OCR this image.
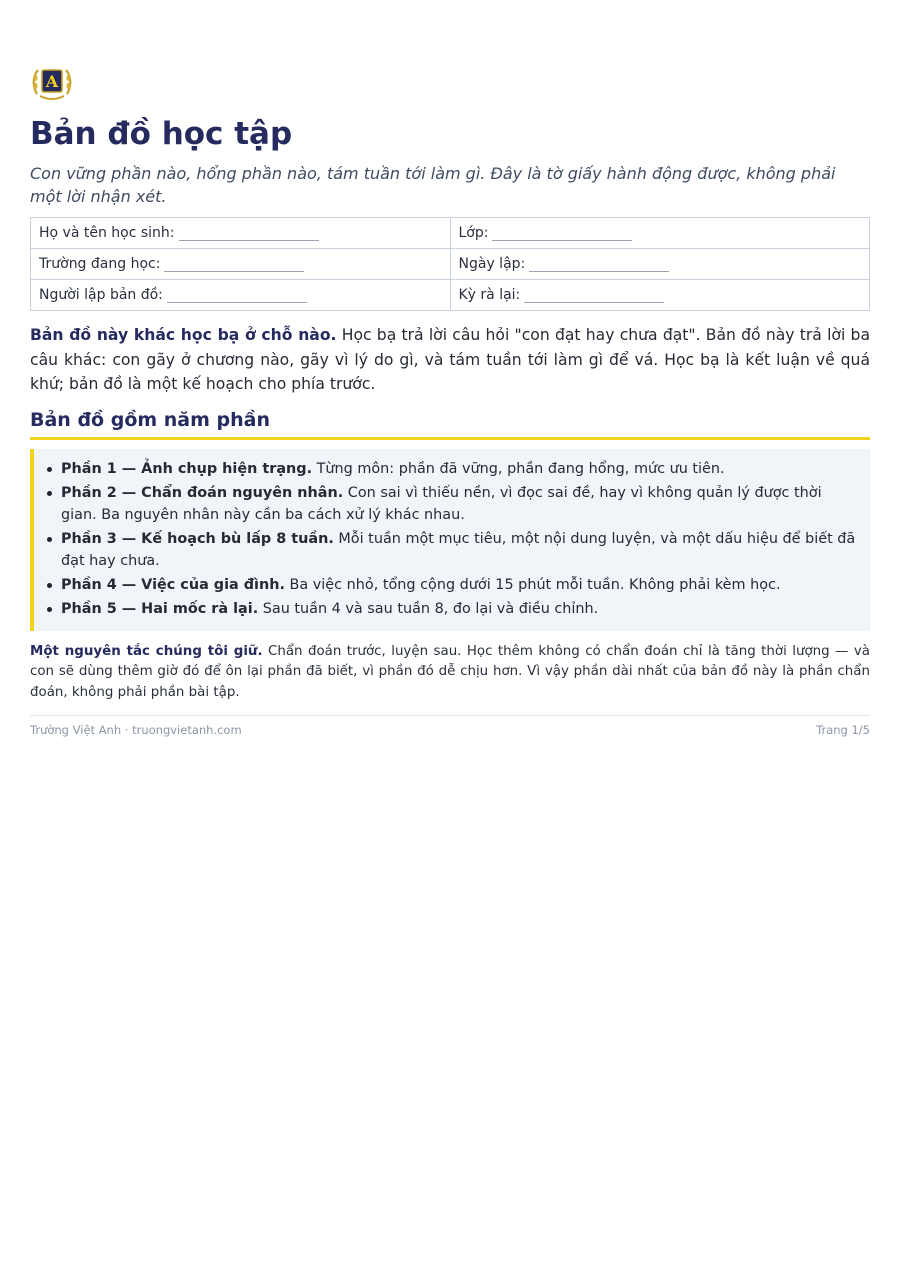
A
Bản đồ học tập

Con vững phần nào, hổng phần nào, tám tuần tới làm gì. Đây là tờ giấy hành động được, không phải một lời nhận xét.

Họ và tên học sinh:	Lớp:
Trường đang học:	Ngày lập:
Người lập bản đồ:	Kỳ rà lại:

Bản đồ này khác học bạ ở chỗ nào. Học bạ trả lời câu hỏi "con đạt hay chưa đạt". Bản đồ này trả lời ba câu khác: con gãy ở chương nào, gãy vì lý do gì, và tám tuần tới làm gì để vá. Học bạ là kết luận về quá khứ; bản đồ là một kế hoạch cho phía trước.

Bản đồ gồm năm phần
Phần 1 — Ảnh chụp hiện trạng. Từng môn: phần đã vững, phần đang hổng, mức ưu tiên.
Phần 2 — Chẩn đoán nguyên nhân. Con sai vì thiếu nền, vì đọc sai đề, hay vì không quản lý được thời gian. Ba nguyên nhân này cần ba cách xử lý khác nhau.
Phần 3 — Kế hoạch bù lấp 8 tuần. Mỗi tuần một mục tiêu, một nội dung luyện, và một dấu hiệu để biết đã đạt hay chưa.
Phần 4 — Việc của gia đình. Ba việc nhỏ, tổng cộng dưới 15 phút mỗi tuần. Không phải kèm học.
Phần 5 — Hai mốc rà lại. Sau tuần 4 và sau tuần 8, đo lại và điều chỉnh.

Một nguyên tắc chúng tôi giữ. Chẩn đoán trước, luyện sau. Học thêm không có chẩn đoán chỉ là tăng thời lượng — và con sẽ dùng thêm giờ đó để ôn lại phần đã biết, vì phần đó dễ chịu hơn. Vì vậy phần dài nhất của bản đồ này là phần chẩn đoán, không phải phần bài tập.

Trường Việt Anh · truongvietanh.com	Trang 1/5
